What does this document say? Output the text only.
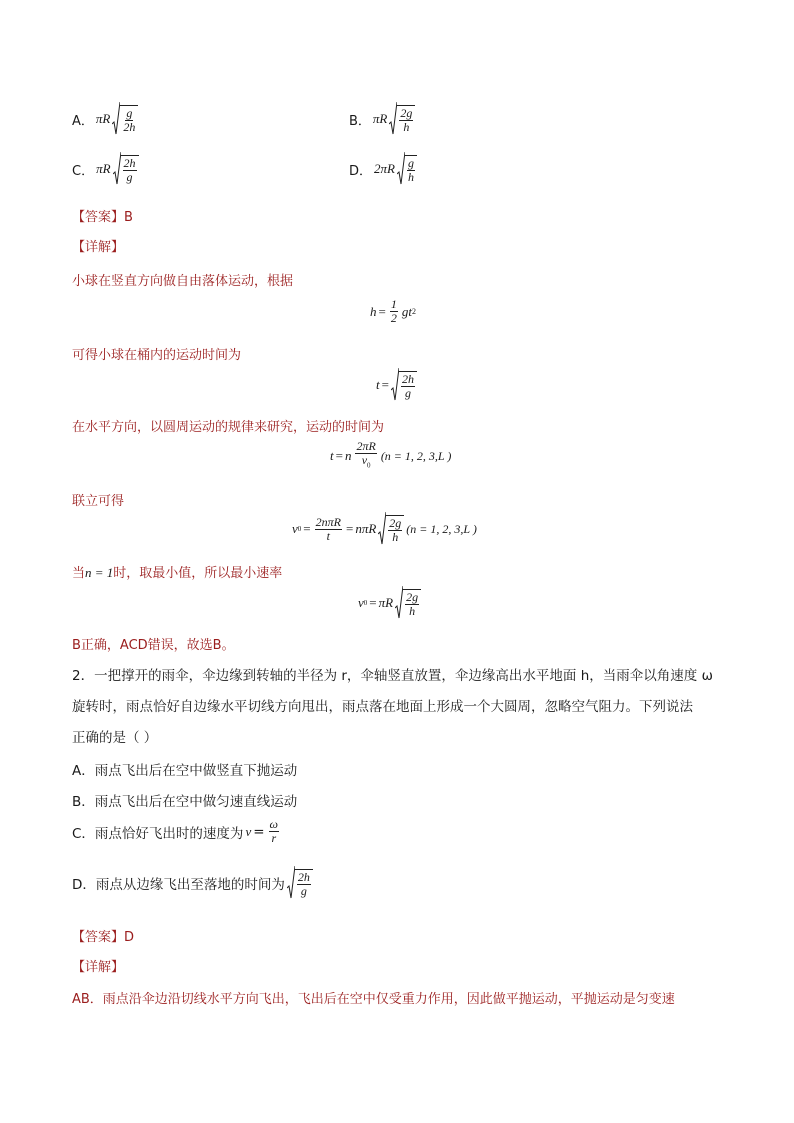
A． πR $\frac{g}{2h}$	B． πR $\frac{2g}{h}$
C． πR $\frac{2h}{g}$	D． $2\pi R \frac{g}{h}$
【答案】B
【详解】
小球在竖直方向做自由落体运动，根据
$h = \frac{1}{2}$ gt 2
可得小球在桶内的运动时间为
$t = \frac{2h}{g}$
在水平方向，以圆周运动的规律来研究，运动的时间为
t = n $\frac{2\pi R}{v_0} (n = 1$, 2, 3,L )
联立可得
v $0 = \frac{\text{2nπR}}{t} = n\pi R \frac{2g}{h} (n = 1$, 2, 3,L )
当n = 1时，取最小值，所以最小速率
v 0 = πR $\frac{2g}{h}$
B正确，ACD错误，故选B。
2．一把撑开的雨伞，伞边缘到转轴的半径为 r，伞轴竖直放置，伞边缘高出水平地面 h，当雨伞以角速度 ω
旋转时，雨点恰好自边缘水平切线方向甩出，雨点落在地面上形成一个大圆周，忽略空气阻力。下列说法
正确的是（ ）
A．雨点飞出后在空中做竖直下抛运动
B．雨点飞出后在空中做匀速直线运动
C．雨点恰好飞出时的速度为 $v = \frac{\omega}{r}$
D．雨点从边缘飞出至落地的时间为 $\frac{2h}{g}$
【答案】D
【详解】
AB．雨点沿伞边沿切线水平方向飞出，飞出后在空中仅受重力作用，因此做平抛运动，平抛运动是匀变速
